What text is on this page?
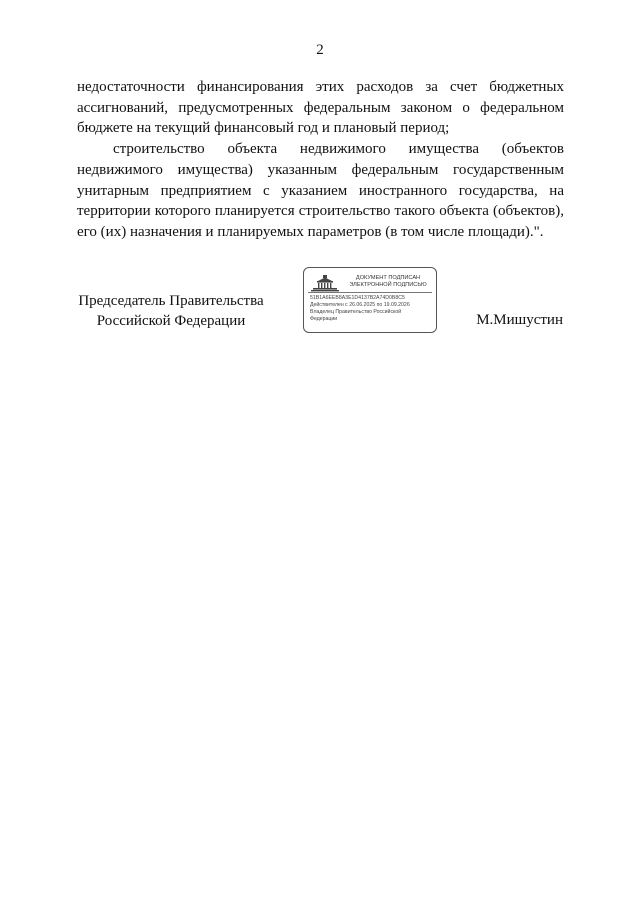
2

недостаточности финансирования этих расходов за счет бюджетных ассигнований, предусмотренных федеральным законом о федеральном бюджете на текущий финансовый год и плановый период;

строительство объекта недвижимого имущества (объектов недвижимого имущества) указанным федеральным государственным унитарным предприятием с указанием иностранного государства, на территории которого планируется строительство такого объекта (объектов), его (их) назначения и планируемых параметров (в том числе площади).".

Председатель Правительства
Российской Федерации
ДОКУМЕНТ ПОДПИСАН
ЭЛЕКТРОННОЙ ПОДПИСЬЮ
51B1A6EEB8A3E1D4137B2A74D0B8C5
Действителен с 26.06.2025 по 19.09.2026
Владелец Правительство Российской
Федерации	М.Мишустин
